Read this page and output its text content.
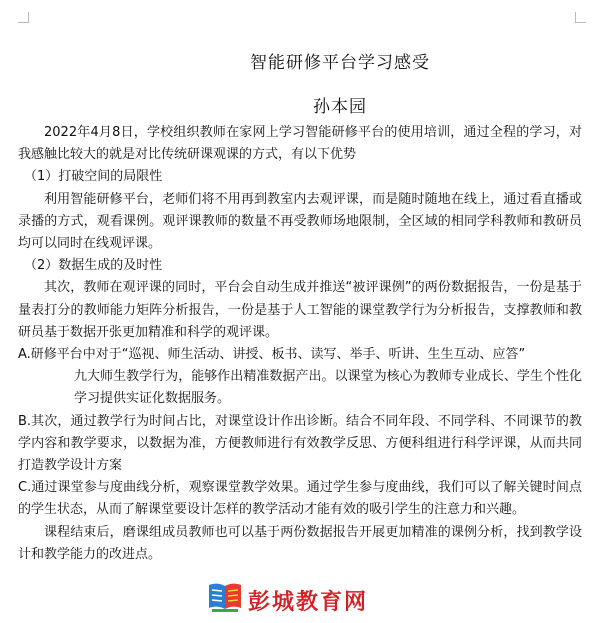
智能研修平台学习感受
孙本园

2022年4月8日，学校组织教师在家网上学习智能研修平台的使用培训，通过全程的学习，对我感触比较大的就是对比传统研课观课的方式，有以下优势

（1）打破空间的局限性

利用智能研修平台，老师们将不用再到教室内去观评课，而是随时随地在线上，通过看直播或录播的方式，观看课例。观评课教师的数量不再受教师场地限制，全区域的相同学科教师和教研员均可以同时在线观评课。

（2）数据生成的及时性

其次，教师在观评课的同时，平台会自动生成并推送“被评课例”的两份数据报告，一份是基于量表打分的教师能力矩阵分析报告，一份是基于人工智能的课堂教学行为分析报告，支撑教师和教研员基于数据开张更加精准和科学的观评课。

A.研修平台中对于“巡视、师生活动、讲授、板书、读写、举手、听讲、生生互动、应答”

九大师生教学行为，能够作出精准数据产出。以课堂为核心为教师专业成长、学生个性化学习提供实证化数据服务。

B.其次，通过教学行为时间占比，对课堂设计作出诊断。结合不同年段、不同学科、不同课节的教学内容和教学要求，以数据为准，方便教师进行有效教学反思、方便科组进行科学评课，从而共同打造教学设计方案

C.通过课堂参与度曲线分析，观察课堂教学效果。通过学生参与度曲线，我们可以了解关键时间点的学生状态，从而了解课堂要设计怎样的教学活动才能有效的吸引学生的注意力和兴趣。

课程结束后，磨课组成员教师也可以基于两份数据报告开展更加精准的课例分析，找到教学设计和教学能力的改进点。

彭城教育网
